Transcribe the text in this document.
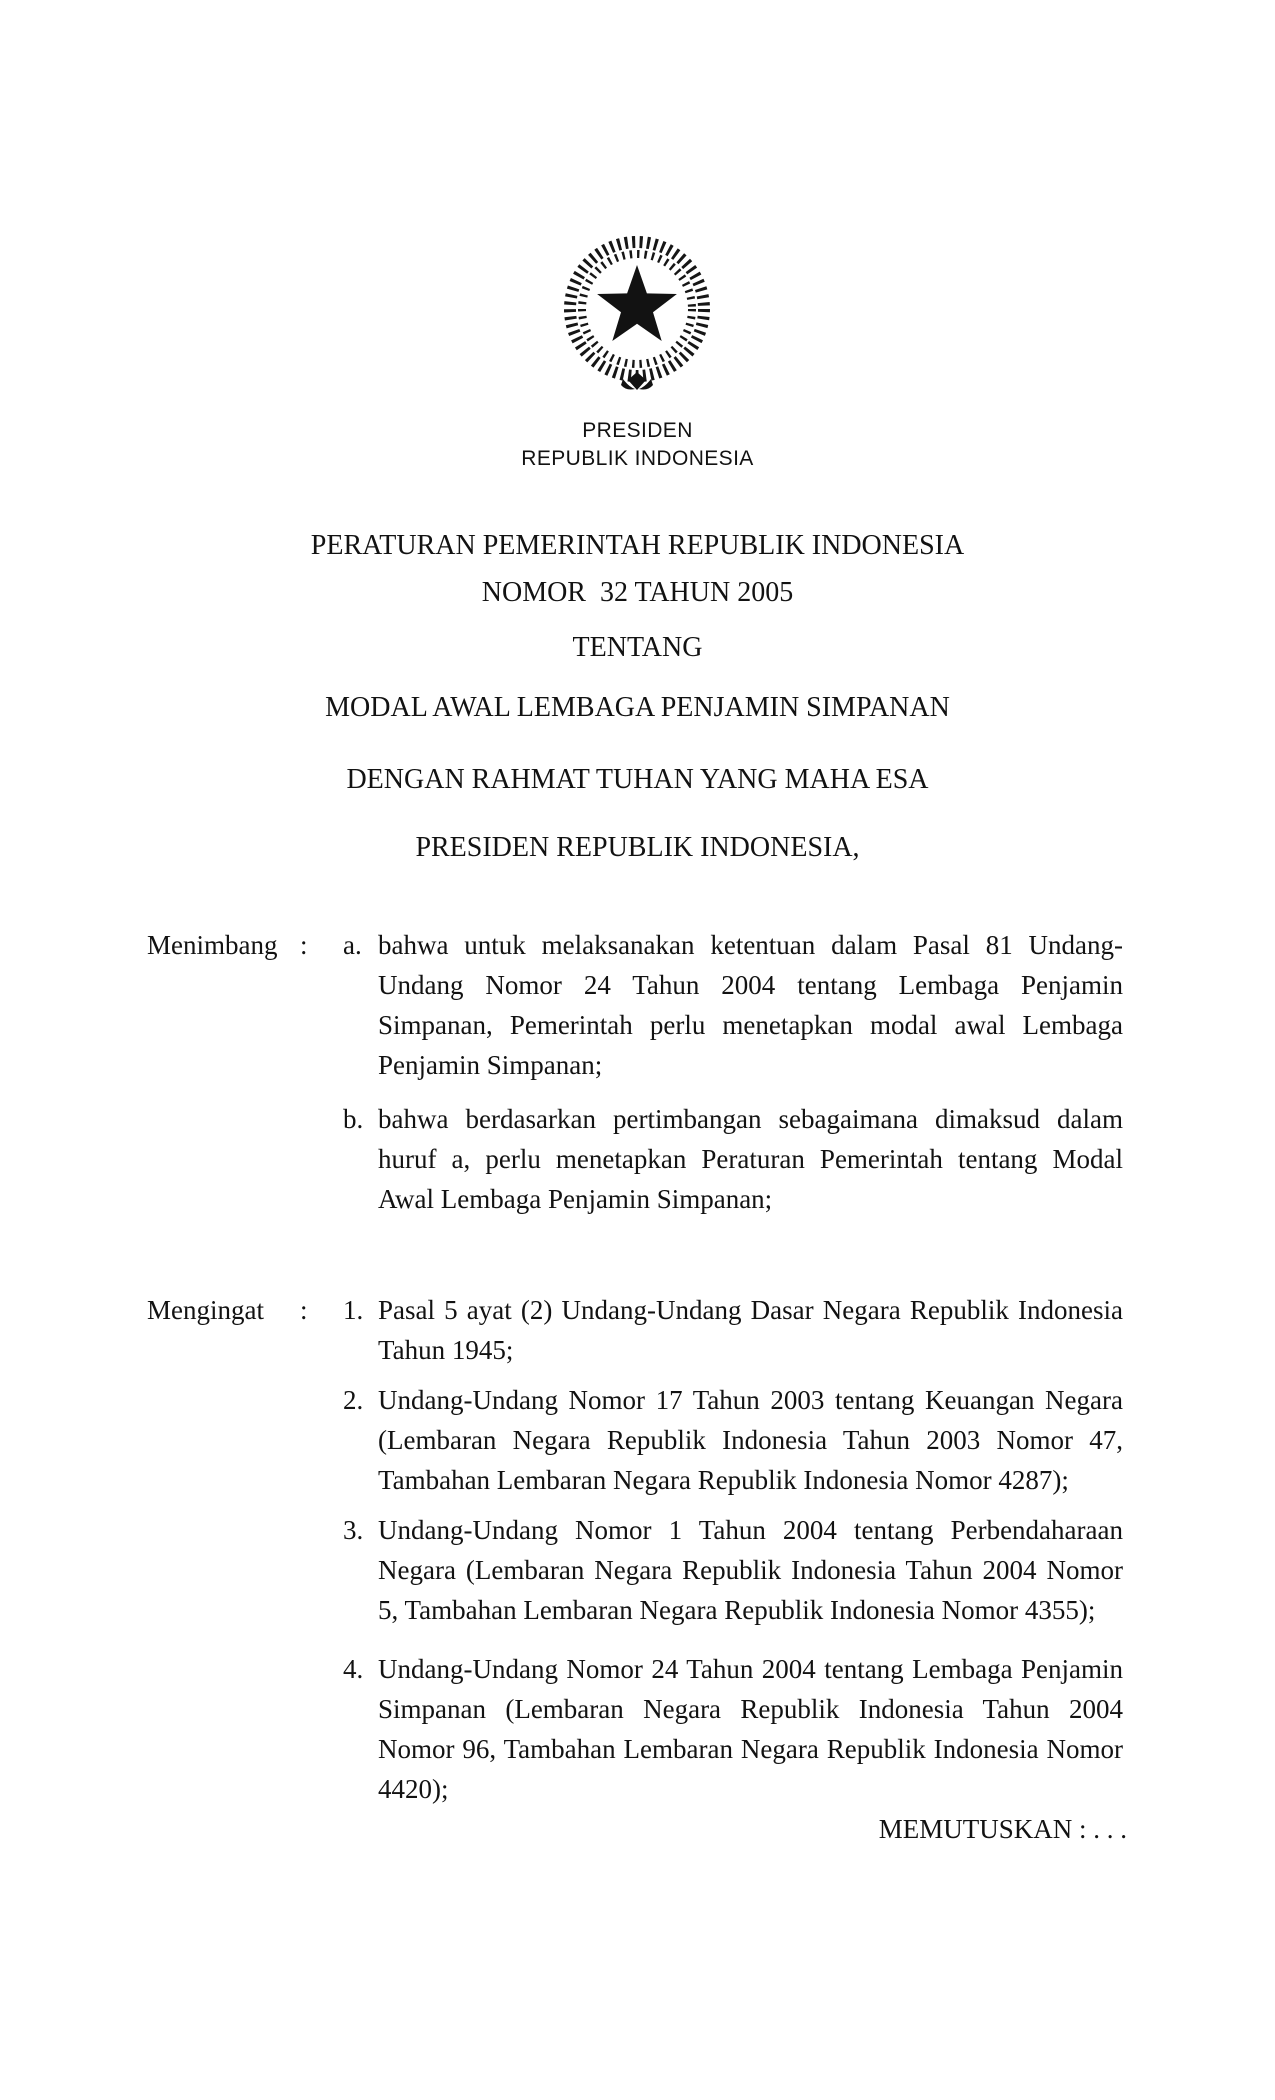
PRESIDEN
REPUBLIK INDONESIA
PERATURAN PEMERINTAH REPUBLIK INDONESIA
NOMOR  32 TAHUN 2005
TENTANG
MODAL AWAL LEMBAGA PENJAMIN SIMPANAN
DENGAN RAHMAT TUHAN YANG MAHA ESA
PRESIDEN REPUBLIK INDONESIA,
Menimbang : a. bahwa untuk melaksanakan ketentuan dalam Pasal 81 Undang-
Undang Nomor 24 Tahun 2004 tentang Lembaga Penjamin
Simpanan, Pemerintah perlu menetapkan modal awal Lembaga
Penjamin Simpanan;
b. bahwa berdasarkan pertimbangan sebagaimana dimaksud dalam
huruf a, perlu menetapkan Peraturan Pemerintah tentang Modal
Awal Lembaga Penjamin Simpanan;
Mengingat : 1. Pasal 5 ayat (2) Undang-Undang Dasar Negara Republik Indonesia
Tahun 1945;
2. Undang-Undang Nomor 17 Tahun 2003 tentang Keuangan Negara
(Lembaran Negara Republik Indonesia Tahun 2003 Nomor 47,
Tambahan Lembaran Negara Republik Indonesia Nomor 4287);
3. Undang-Undang Nomor 1 Tahun 2004 tentang Perbendaharaan
Negara (Lembaran Negara Republik Indonesia Tahun 2004 Nomor
5, Tambahan Lembaran Negara Republik Indonesia Nomor 4355);
4. Undang-Undang Nomor 24 Tahun 2004 tentang Lembaga Penjamin
Simpanan (Lembaran Negara Republik Indonesia Tahun 2004
Nomor 96, Tambahan Lembaran Negara Republik Indonesia Nomor
4420);
MEMUTUSKAN : . . .
